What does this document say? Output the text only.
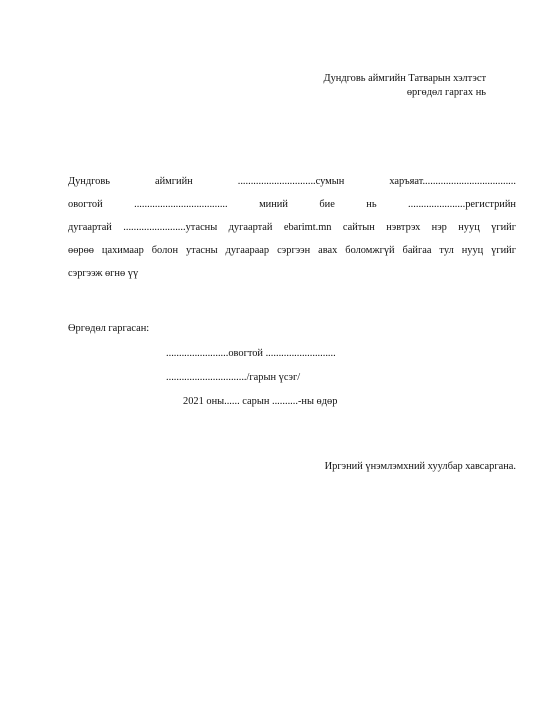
Дундговь аймгийн Татварын хэлтэст
өргөдөл гаргах нь
Дундговь	аймгийн	..............................сумын	харъяат....................................
овогтой	....................................	миний	бие	нь	......................регистрийн
дугаартай ........................утасны дугаартай ebarimt.mn сайтын нэвтрэх нэр нууц үгийг
өөрөө цахимаар болон утасны дугаараар сэргээн авах боломжгүй байгаа тул нууц үгийг
сэргээж өгнө үү
Өргөдөл гаргасан:
........................овогтой ...........................
.............................../гарын үсэг/
2021 оны...... сарын ..........-ны өдөр
Иргэний үнэмлэмхний хуулбар хавсаргана.
